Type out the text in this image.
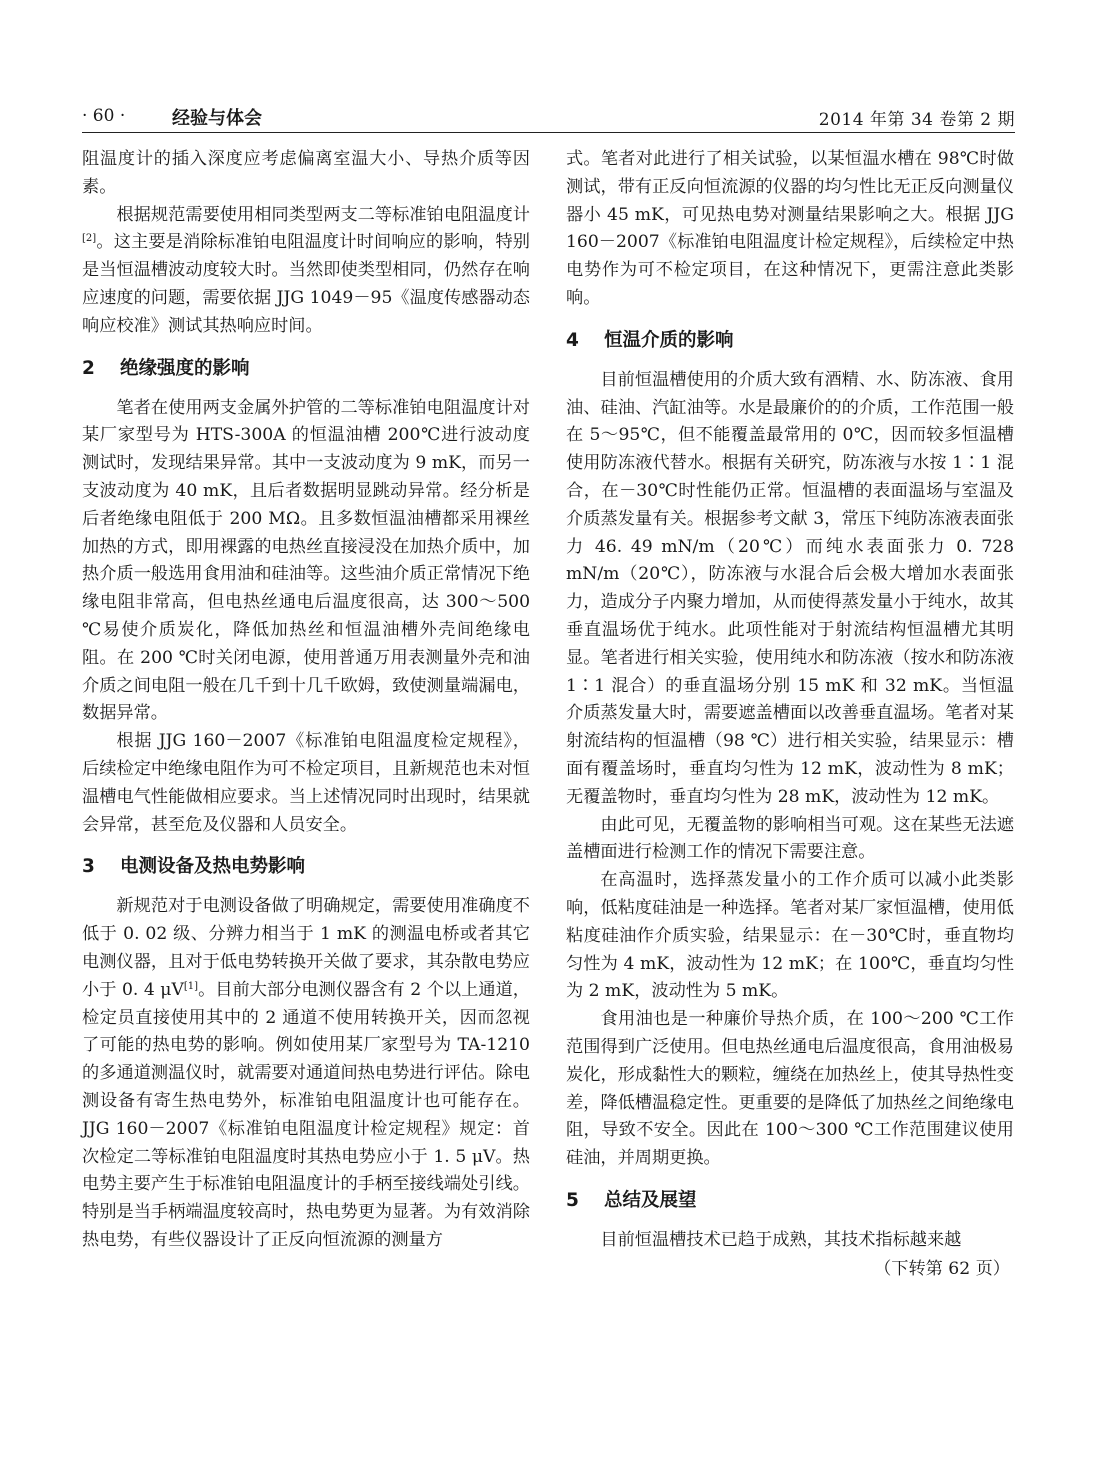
· 60 ·	经验与体会	2014 年第 34 卷第 2 期

阻温度计的插入深度应考虑偏离室温大小、导热介质等因素。

根据规范需要使用相同类型两支二等标准铂电阻温度计[2]。这主要是消除标准铂电阻温度计时间响应的影响，特别是当恒温槽波动度较大时。当然即使类型相同，仍然存在响应速度的问题，需要依据 JJG 1049－95《温度传感器动态响应校准》测试其热响应时间。

2 绝缘强度的影响

笔者在使用两支金属外护管的二等标准铂电阻温度计对某厂家型号为 HTS-300A 的恒温油槽 200℃进行波动度测试时，发现结果异常。其中一支波动度为 9 mK，而另一支波动度为 40 mK，且后者数据明显跳动异常。经分析是后者绝缘电阻低于 200 MΩ。且多数恒温油槽都采用裸丝加热的方式，即用裸露的电热丝直接浸没在加热介质中，加热介质一般选用食用油和硅油等。这些油介质正常情况下绝缘电阻非常高，但电热丝通电后温度很高，达 300～500 ℃易使介质炭化，降低加热丝和恒温油槽外壳间绝缘电阻。在 200 ℃时关闭电源，使用普通万用表测量外壳和油介质之间电阻一般在几千到十几千欧姆，致使测量端漏电，数据异常。

根据 JJG 160－2007《标准铂电阻温度检定规程》，后续检定中绝缘电阻作为可不检定项目，且新规范也未对恒温槽电气性能做相应要求。当上述情况同时出现时，结果就会异常，甚至危及仪器和人员安全。

3 电测设备及热电势影响

新规范对于电测设备做了明确规定，需要使用准确度不低于 0. 02 级、分辨力相当于 1 mK 的测温电桥或者其它电测仪器，且对于低电势转换开关做了要求，其杂散电势应小于 0. 4 μV[1]。目前大部分电测仪器含有 2 个以上通道，检定员直接使用其中的 2 通道不使用转换开关，因而忽视了可能的热电势的影响。例如使用某厂家型号为 TA-1210 的多通道测温仪时，就需要对通道间热电势进行评估。除电测设备有寄生热电势外，标准铂电阻温度计也可能存在。JJG 160－2007《标准铂电阻温度计检定规程》规定：首次检定二等标准铂电阻温度时其热电势应小于 1. 5 μV。热电势主要产生于标准铂电阻温度计的手柄至接线端处引线。特别是当手柄端温度较高时，热电势更为显著。为有效消除热电势，有些仪器设计了正反向恒流源的测量方

式。笔者对此进行了相关试验，以某恒温水槽在 98℃时做测试，带有正反向恒流源的仪器的均匀性比无正反向测量仪器小 45 mK，可见热电势对测量结果影响之大。根据 JJG 160－2007《标准铂电阻温度计检定规程》，后续检定中热电势作为可不检定项目，在这种情况下，更需注意此类影响。

4 恒温介质的影响

目前恒温槽使用的介质大致有酒精、水、防冻液、食用油、硅油、汽缸油等。水是最廉价的的介质，工作范围一般在 5～95℃，但不能覆盖最常用的 0℃，因而较多恒温槽使用防冻液代替水。根据有关研究，防冻液与水按 1∶1 混合，在－30℃时性能仍正常。恒温槽的表面温场与室温及介质蒸发量有关。根据参考文献 3，常压下纯防冻液表面张力 46. 49 mN/m（20℃）而纯水表面张力 0. 728 mN/m（20℃），防冻液与水混合后会极大增加水表面张力，造成分子内聚力增加，从而使得蒸发量小于纯水，故其垂直温场优于纯水。此项性能对于射流结构恒温槽尤其明显。笔者进行相关实验，使用纯水和防冻液（按水和防冻液 1∶1 混合）的垂直温场分别 15 mK 和 32 mK。当恒温介质蒸发量大时，需要遮盖槽面以改善垂直温场。笔者对某射流结构的恒温槽（98 ℃）进行相关实验，结果显示：槽面有覆盖场时，垂直均匀性为 12 mK，波动性为 8 mK；无覆盖物时，垂直均匀性为 28 mK，波动性为 12 mK。

由此可见，无覆盖物的影响相当可观。这在某些无法遮盖槽面进行检测工作的情况下需要注意。

在高温时，选择蒸发量小的工作介质可以减小此类影响，低粘度硅油是一种选择。笔者对某厂家恒温槽，使用低粘度硅油作介质实验，结果显示：在－30℃时，垂直物均匀性为 4 mK，波动性为 12 mK；在 100℃，垂直均匀性为 2 mK，波动性为 5 mK。

食用油也是一种廉价导热介质，在 100～200 ℃工作范围得到广泛使用。但电热丝通电后温度很高，食用油极易炭化，形成黏性大的颗粒，缠绕在加热丝上，使其导热性变差，降低槽温稳定性。更重要的是降低了加热丝之间绝缘电阻，导致不安全。因此在 100～300 ℃工作范围建议使用硅油，并周期更换。

5 总结及展望

目前恒温槽技术已趋于成熟，其技术指标越来越

（下转第 62 页）
